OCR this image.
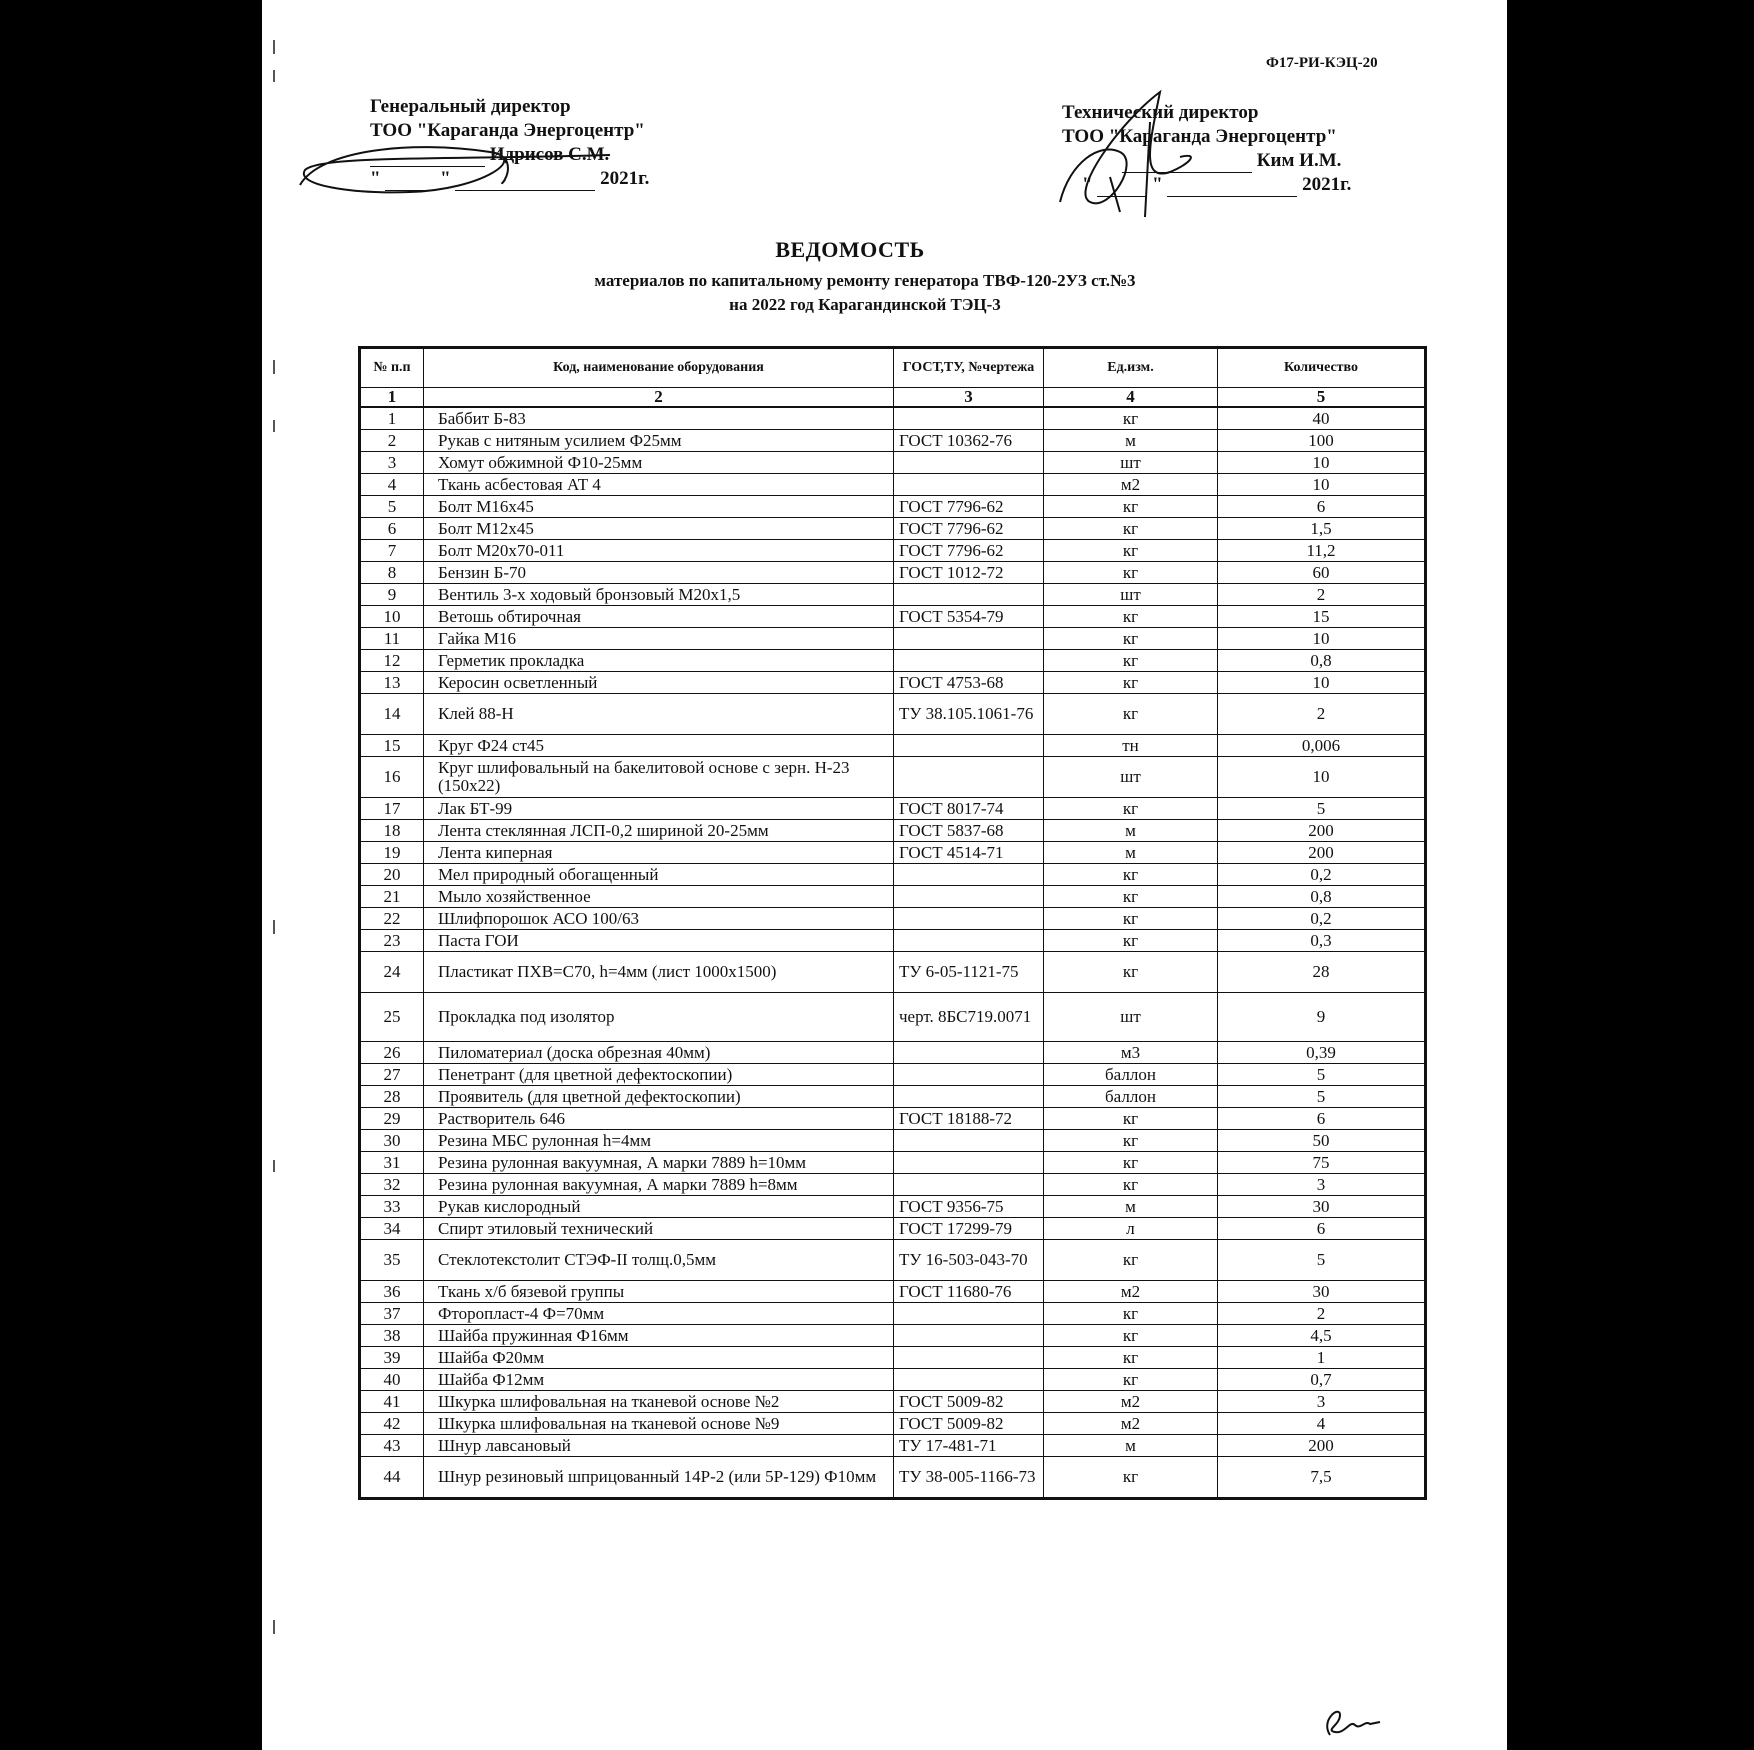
Ф17-РИ-КЭЦ-20
Генеральный директор
ТОО "Караганда Энергоцентр"
Идрисов С.М.
"	"	2021г.
Технический директор
ТОО "Караганда Энергоцентр"
Ким И.М.
"	"	2021г.
ВЕДОМОСТЬ
материалов по капитальному ремонту генератора ТВФ-120-2УЗ ст.№3
на 2022 год Карагандинской ТЭЦ-3
№ п.п	Код, наименование оборудования	ГОСТ,ТУ, №чертежа	Ед.изм.	Количество
1	2	3	4	5
1	Баббит Б-83		кг	40
2	Рукав с нитяным усилием Ф25мм	ГОСТ 10362-76	м	100
3	Хомут обжимной Ф10-25мм		шт	10
4	Ткань асбестовая АТ 4		м2	10
5	Болт М16х45	ГОСТ 7796-62	кг	6
6	Болт М12х45	ГОСТ 7796-62	кг	1,5
7	Болт М20х70-011	ГОСТ 7796-62	кг	11,2
8	Бензин Б-70	ГОСТ 1012-72	кг	60
9	Вентиль 3-х ходовый бронзовый М20х1,5		шт	2
10	Ветошь обтирочная	ГОСТ 5354-79	кг	15
11	Гайка М16		кг	10
12	Герметик прокладка		кг	0,8
13	Керосин осветленный	ГОСТ 4753-68	кг	10
14	Клей 88-Н	ТУ 38.105.1061-76	кг	2
15	Круг Ф24 ст45		тн	0,006
16	Круг шлифовальный на бакелитовой основе с зерн. Н-23 (150х22)		шт	10
17	Лак БТ-99	ГОСТ 8017-74	кг	5
18	Лента стеклянная ЛСП-0,2 шириной 20-25мм	ГОСТ 5837-68	м	200
19	Лента киперная	ГОСТ 4514-71	м	200
20	Мел природный обогащенный		кг	0,2
21	Мыло хозяйственное		кг	0,8
22	Шлифпорошок АСО 100/63		кг	0,2
23	Паста ГОИ		кг	0,3
24	Пластикат ПХВ=С70, h=4мм (лист 1000х1500)	ТУ 6-05-1121-75	кг	28
25	Прокладка под изолятор	черт. 8БС719.0071	шт	9
26	Пиломатериал (доска обрезная 40мм)		м3	0,39
27	Пенетрант (для цветной дефектоскопии)		баллон	5
28	Проявитель (для цветной дефектоскопии)		баллон	5
29	Растворитель 646	ГОСТ 18188-72	кг	6
30	Резина МБС рулонная h=4мм		кг	50
31	Резина рулонная вакуумная, А марки 7889 h=10мм		кг	75
32	Резина рулонная вакуумная, А марки 7889 h=8мм		кг	3
33	Рукав кислородный	ГОСТ 9356-75	м	30
34	Спирт этиловый технический	ГОСТ 17299-79	л	6
35	Стеклотекстолит СТЭФ-II толщ.0,5мм	ТУ 16-503-043-70	кг	5
36	Ткань х/б бязевой группы	ГОСТ 11680-76	м2	30
37	Фторопласт-4 Ф=70мм		кг	2
38	Шайба пружинная Ф16мм		кг	4,5
39	Шайба Ф20мм		кг	1
40	Шайба Ф12мм		кг	0,7
41	Шкурка шлифовальная на тканевой основе №2	ГОСТ 5009-82	м2	3
42	Шкурка шлифовальная на тканевой основе №9	ГОСТ 5009-82	м2	4
43	Шнур лавсановый	ТУ 17-481-71	м	200
44	Шнур резиновый шприцованный 14Р-2 (или 5Р-129) Ф10мм	ТУ 38-005-1166-73	кг	7,5
